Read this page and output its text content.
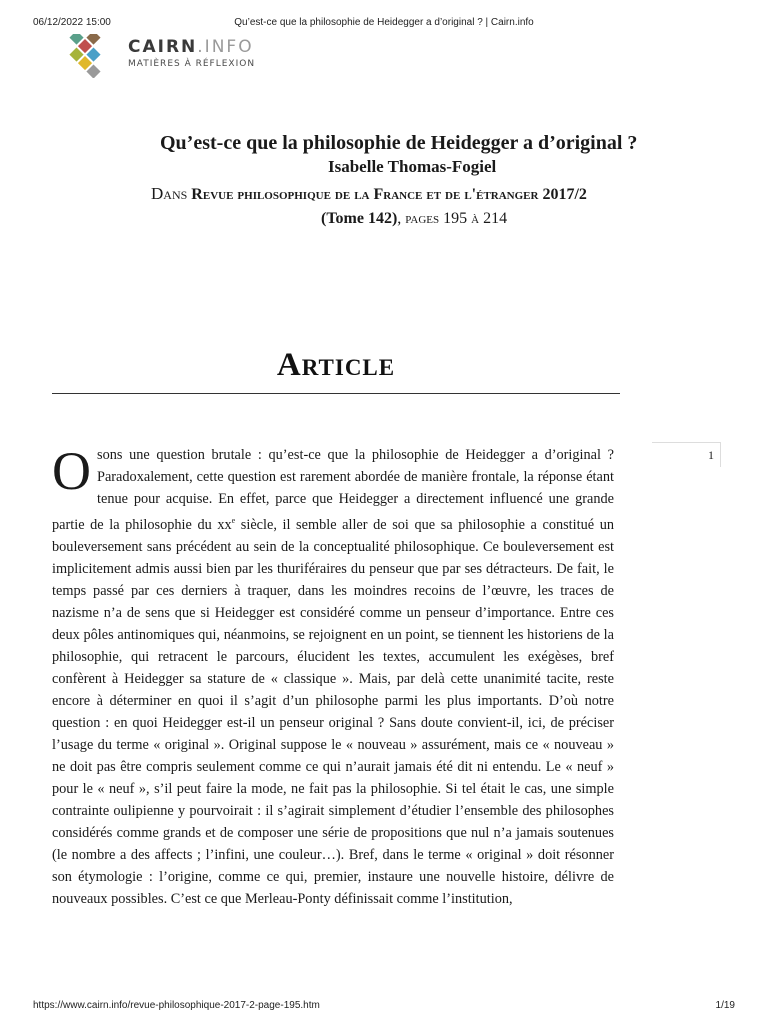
06/12/2022 15:00	Qu’est-ce que la philosophie de Heidegger a d’original ? | Cairn.info
CAIRN.INFO
MATIÈRES À RÉFLEXION
Qu’est-ce que la philosophie de Heidegger a d’original ?
Isabelle Thomas-Fogiel
Dans Revue philosophique de la France et de l'étranger 2017/2
(Tome 142), pages 195 à 214
Article
1
Osons une question brutale : qu’est-ce que la philosophie de Heidegger a d’original ? Paradoxalement, cette question est rarement abordée de manière frontale, la réponse étant tenue pour acquise. En effet, parce que Heidegger a directement influencé une grande partie de la philosophie du $xx^e$ siècle, il semble aller de soi que sa philosophie a constitué un bouleversement sans précédent au sein de la conceptualité philosophique. Ce bouleversement est implicitement admis aussi bien par les thuriféraires du penseur que par ses détracteurs. De fait, le temps passé par ces derniers à traquer, dans les moindres recoins de l’œuvre, les traces de nazisme n’a de sens que si Heidegger est considéré comme un penseur d’importance. Entre ces deux pôles antinomiques qui, néanmoins, se rejoignent en un point, se tiennent les historiens de la philosophie, qui retracent le parcours, élucident les textes, accumulent les exégèses, bref confèrent à Heidegger sa stature de « classique ». Mais, par delà cette unanimité tacite, reste encore à déterminer en quoi il s’agit d’un philosophe parmi les plus importants. D’où notre question : en quoi Heidegger est-il un penseur original ? Sans doute convient-il, ici, de préciser l’usage du terme « original ». Original suppose le « nouveau » assurément, mais ce « nouveau » ne doit pas être compris seulement comme ce qui n’aurait jamais été dit ni entendu. Le « neuf » pour le « neuf », s’il peut faire la mode, ne fait pas la philosophie. Si tel était le cas, une simple contrainte oulipienne y pourvoirait : il s’agirait simplement d’étudier l’ensemble des philosophes considérés comme grands et de composer une série de propositions que nul n’a jamais soutenues (le nombre a des affects ; l’infini, une couleur…). Bref, dans le terme « original » doit résonner son étymologie : l’origine, comme ce qui, premier, instaure une nouvelle histoire, délivre de nouveaux possibles. C’est ce que Merleau-Ponty définissait comme l’institution,
https://www.cairn.info/revue-philosophique-2017-2-page-195.htm	1/19
